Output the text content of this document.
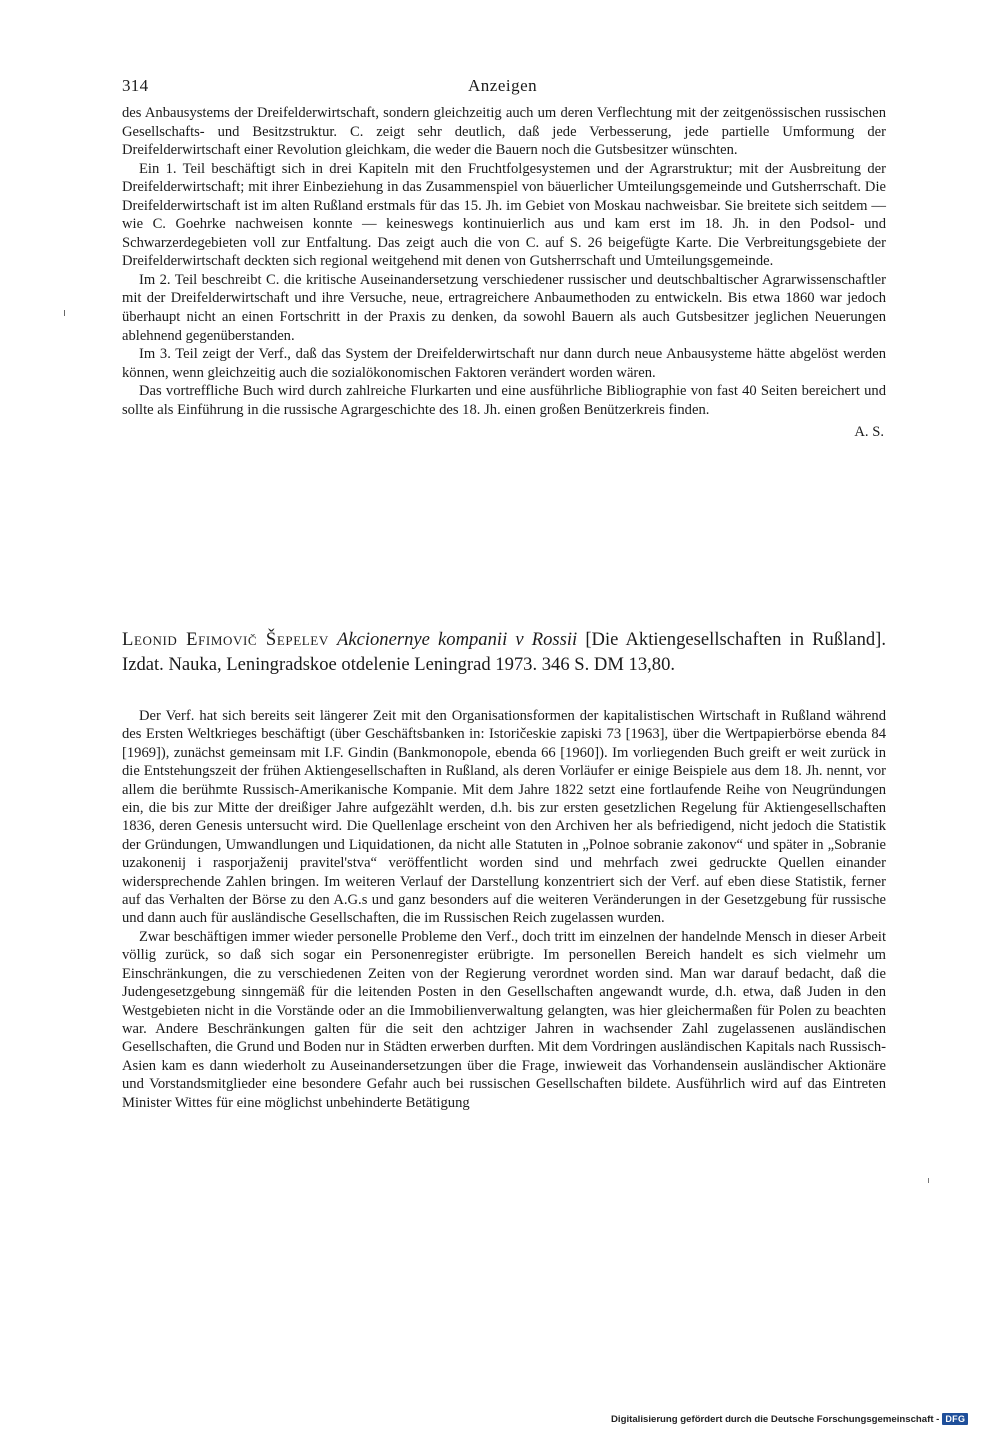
314	Anzeigen

des Anbausystems der Dreifelderwirtschaft, sondern gleichzeitig auch um deren Verflechtung mit der zeitgenössischen russischen Gesellschafts- und Besitzstruktur. C. zeigt sehr deutlich, daß jede Verbesserung, jede partielle Umformung der Dreifelderwirtschaft einer Revolution gleichkam, die weder die Bauern noch die Gutsbesitzer wünschten.

Ein 1. Teil beschäftigt sich in drei Kapiteln mit den Fruchtfolgesystemen und der Agrarstruktur; mit der Ausbreitung der Dreifelderwirtschaft; mit ihrer Einbeziehung in das Zusammenspiel von bäuerlicher Umteilungsgemeinde und Gutsherrschaft. Die Dreifelderwirtschaft ist im alten Rußland erstmals für das 15. Jh. im Gebiet von Moskau nachweisbar. Sie breitete sich seitdem — wie C. Goehrke nachweisen konnte — keineswegs kontinuierlich aus und kam erst im 18. Jh. in den Podsol- und Schwarzerdegebieten voll zur Entfaltung. Das zeigt auch die von C. auf S. 26 beigefügte Karte. Die Verbreitungsgebiete der Dreifelderwirtschaft deckten sich regional weitgehend mit denen von Gutsherrschaft und Umteilungsgemeinde.

Im 2. Teil beschreibt C. die kritische Auseinandersetzung verschiedener russischer und deutschbaltischer Agrarwissenschaftler mit der Dreifelderwirtschaft und ihre Versuche, neue, ertragreichere Anbaumethoden zu entwickeln. Bis etwa 1860 war jedoch überhaupt nicht an einen Fortschritt in der Praxis zu denken, da sowohl Bauern als auch Gutsbesitzer jeglichen Neuerungen ablehnend gegenüberstanden.

Im 3. Teil zeigt der Verf., daß das System der Dreifelderwirtschaft nur dann durch neue Anbausysteme hätte abgelöst werden können, wenn gleichzeitig auch die sozialökonomischen Faktoren verändert worden wären.

Das vortreffliche Buch wird durch zahlreiche Flurkarten und eine ausführliche Bibliographie von fast 40 Seiten bereichert und sollte als Einführung in die russische Agrargeschichte des 18. Jh. einen großen Benützerkreis finden.

A. S.
Leonid Efimovič Šepelev Akcionernye kompanii v Rossii [Die Aktiengesellschaften in Rußland]. Izdat. Nauka, Leningradskoe otdelenie Leningrad 1973. 346 S. DM 13,80.

Der Verf. hat sich bereits seit längerer Zeit mit den Organisationsformen der kapitalistischen Wirtschaft in Rußland während des Ersten Weltkrieges beschäftigt (über Geschäftsbanken in: Istoričeskie zapiski 73 [1963], über die Wertpapierbörse ebenda 84 [1969]), zunächst gemeinsam mit I.F. Gindin (Bankmonopole, ebenda 66 [1960]). Im vorliegenden Buch greift er weit zurück in die Entstehungszeit der frühen Aktiengesellschaften in Rußland, als deren Vorläufer er einige Beispiele aus dem 18. Jh. nennt, vor allem die berühmte Russisch-Amerikanische Kompanie. Mit dem Jahre 1822 setzt eine fortlaufende Reihe von Neugründungen ein, die bis zur Mitte der dreißiger Jahre aufgezählt werden, d.h. bis zur ersten gesetzlichen Regelung für Aktiengesellschaften 1836, deren Genesis untersucht wird. Die Quellenlage erscheint von den Archiven her als befriedigend, nicht jedoch die Statistik der Gründungen, Umwandlungen und Liquidationen, da nicht alle Statuten in „Polnoe sobranie zakonov“ und später in „Sobranie uzakonenij i rasporjaženij pravitel'stva“ veröffentlicht worden sind und mehrfach zwei gedruckte Quellen einander widersprechende Zahlen bringen. Im weiteren Verlauf der Darstellung konzentriert sich der Verf. auf eben diese Statistik, ferner auf das Verhalten der Börse zu den A.G.s und ganz besonders auf die weiteren Veränderungen in der Gesetzgebung für russische und dann auch für ausländische Gesellschaften, die im Russischen Reich zugelassen wurden.

Zwar beschäftigen immer wieder personelle Probleme den Verf., doch tritt im einzelnen der handelnde Mensch in dieser Arbeit völlig zurück, so daß sich sogar ein Personenregister erübrigte. Im personellen Bereich handelt es sich vielmehr um Einschränkungen, die zu verschiedenen Zeiten von der Regierung verordnet worden sind. Man war darauf bedacht, daß die Judengesetzgebung sinngemäß für die leitenden Posten in den Gesellschaften angewandt wurde, d.h. etwa, daß Juden in den Westgebieten nicht in die Vorstände oder an die Immobilienverwaltung gelangten, was hier gleichermaßen für Polen zu beachten war. Andere Beschränkungen galten für die seit den achtziger Jahren in wachsender Zahl zugelassenen ausländischen Gesellschaften, die Grund und Boden nur in Städten erwerben durften. Mit dem Vordringen ausländischen Kapitals nach Russisch-Asien kam es dann wiederholt zu Auseinandersetzungen über die Frage, inwieweit das Vorhandensein ausländischer Aktionäre und Vorstandsmitglieder eine besondere Gefahr auch bei russischen Gesellschaften bildete. Ausführlich wird auf das Eintreten Minister Wittes für eine möglichst unbehinderte Betätigung

Digitalisierung gefördert durch die Deutsche Forschungsgemeinschaft - DFG
